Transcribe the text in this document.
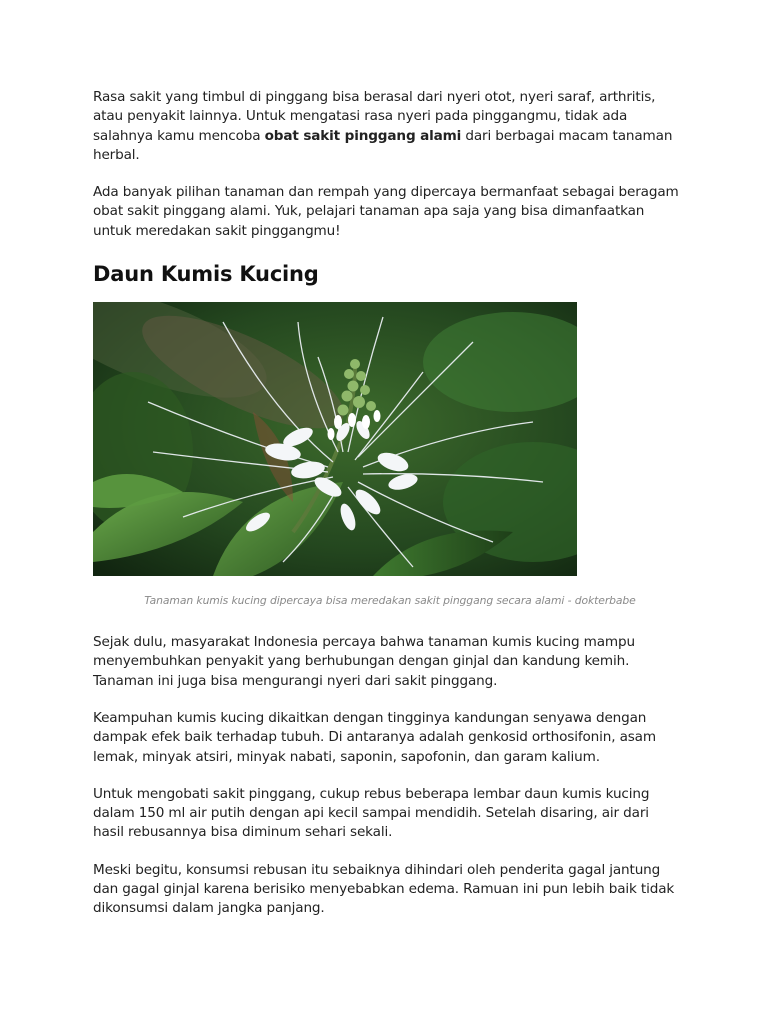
Rasa sakit yang timbul di pinggang bisa berasal dari nyeri otot, nyeri saraf, arthritis, atau penyakit lainnya. Untuk mengatasi rasa nyeri pada pinggangmu, tidak ada salahnya kamu mencoba obat sakit pinggang alami dari berbagai macam tanaman herbal.

Ada banyak pilihan tanaman dan rempah yang dipercaya bermanfaat sebagai beragam obat sakit pinggang alami. Yuk, pelajari tanaman apa saja yang bisa dimanfaatkan untuk meredakan sakit pinggangmu!

Daun Kumis Kucing
Tanaman kumis kucing dipercaya bisa meredakan sakit pinggang secara alami - dokterbabe

Sejak dulu, masyarakat Indonesia percaya bahwa tanaman kumis kucing mampu menyembuhkan penyakit yang berhubungan dengan ginjal dan kandung kemih. Tanaman ini juga bisa mengurangi nyeri dari sakit pinggang.

Keampuhan kumis kucing dikaitkan dengan tingginya kandungan senyawa dengan dampak efek baik terhadap tubuh. Di antaranya adalah genkosid orthosifonin, asam lemak, minyak atsiri, minyak nabati, saponin, sapofonin, dan garam kalium.

Untuk mengobati sakit pinggang, cukup rebus beberapa lembar daun kumis kucing dalam 150 ml air putih dengan api kecil sampai mendidih. Setelah disaring, air dari hasil rebusannya bisa diminum sehari sekali.

Meski begitu, konsumsi rebusan itu sebaiknya dihindari oleh penderita gagal jantung dan gagal ginjal karena berisiko menyebabkan edema. Ramuan ini pun lebih baik tidak dikonsumsi dalam jangka panjang.
